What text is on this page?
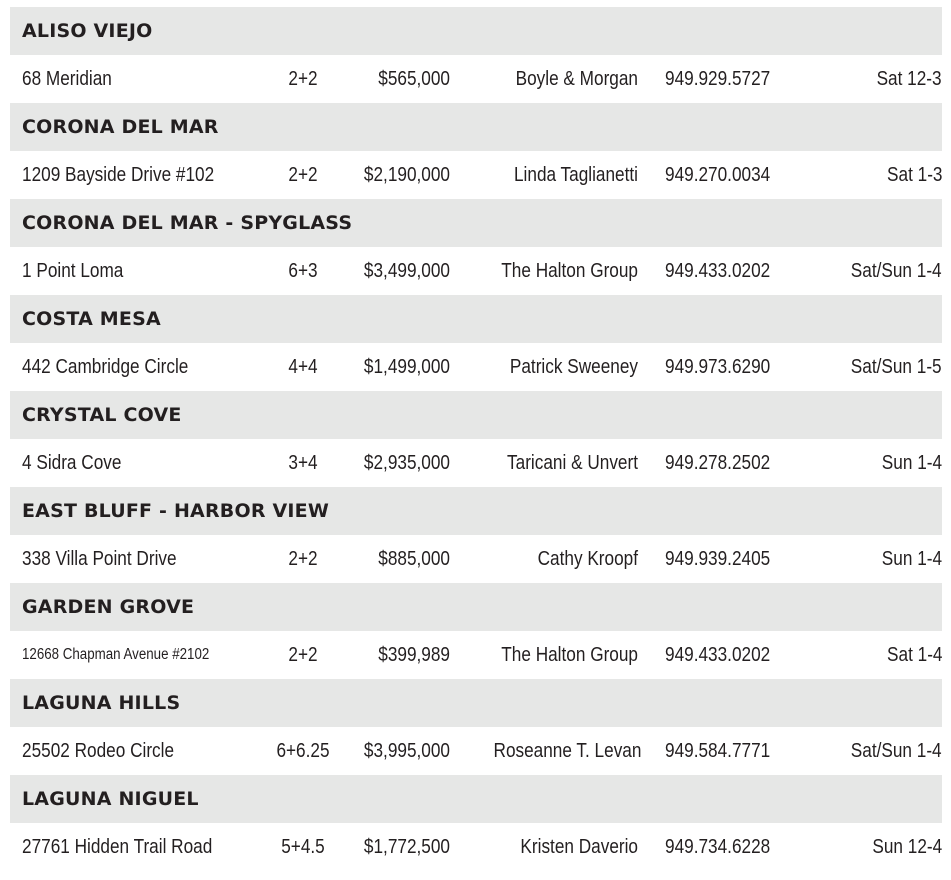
ALISO VIEJO
68 Meridian	2+2	$565,000	Boyle & Morgan 949.929.5727	Sat 12-3
CORONA DEL MAR
1209 Bayside Drive #102	2+2	$2,190,000	Linda Taglianetti 949.270.0034	Sat 1-3
CORONA DEL MAR - SPYGLASS
1 Point Loma	6+3	$3,499,000	The Halton Group 949.433.0202	Sat/Sun 1-4
COSTA MESA
442 Cambridge Circle	4+4	$1,499,000	Patrick Sweeney 949.973.6290	Sat/Sun 1-5
CRYSTAL COVE
4 Sidra Cove	3+4	$2,935,000	Taricani & Unvert 949.278.2502	Sun 1-4
EAST BLUFF - HARBOR VIEW
338 Villa Point Drive	2+2	$885,000	Cathy Kroopf 949.939.2405	Sun 1-4
GARDEN GROVE
12668 Chapman Avenue #2102	2+2	$399,989	The Halton Group 949.433.0202	Sat 1-4
LAGUNA HILLS
25502 Rodeo Circle	6+6.25	$3,995,000 Roseanne T. Levan 949.584.7771	Sat/Sun 1-4
LAGUNA NIGUEL
27761 Hidden Trail Road	5+4.5	$1,772,500	Kristen Daverio 949.734.6228	Sun 12-4
